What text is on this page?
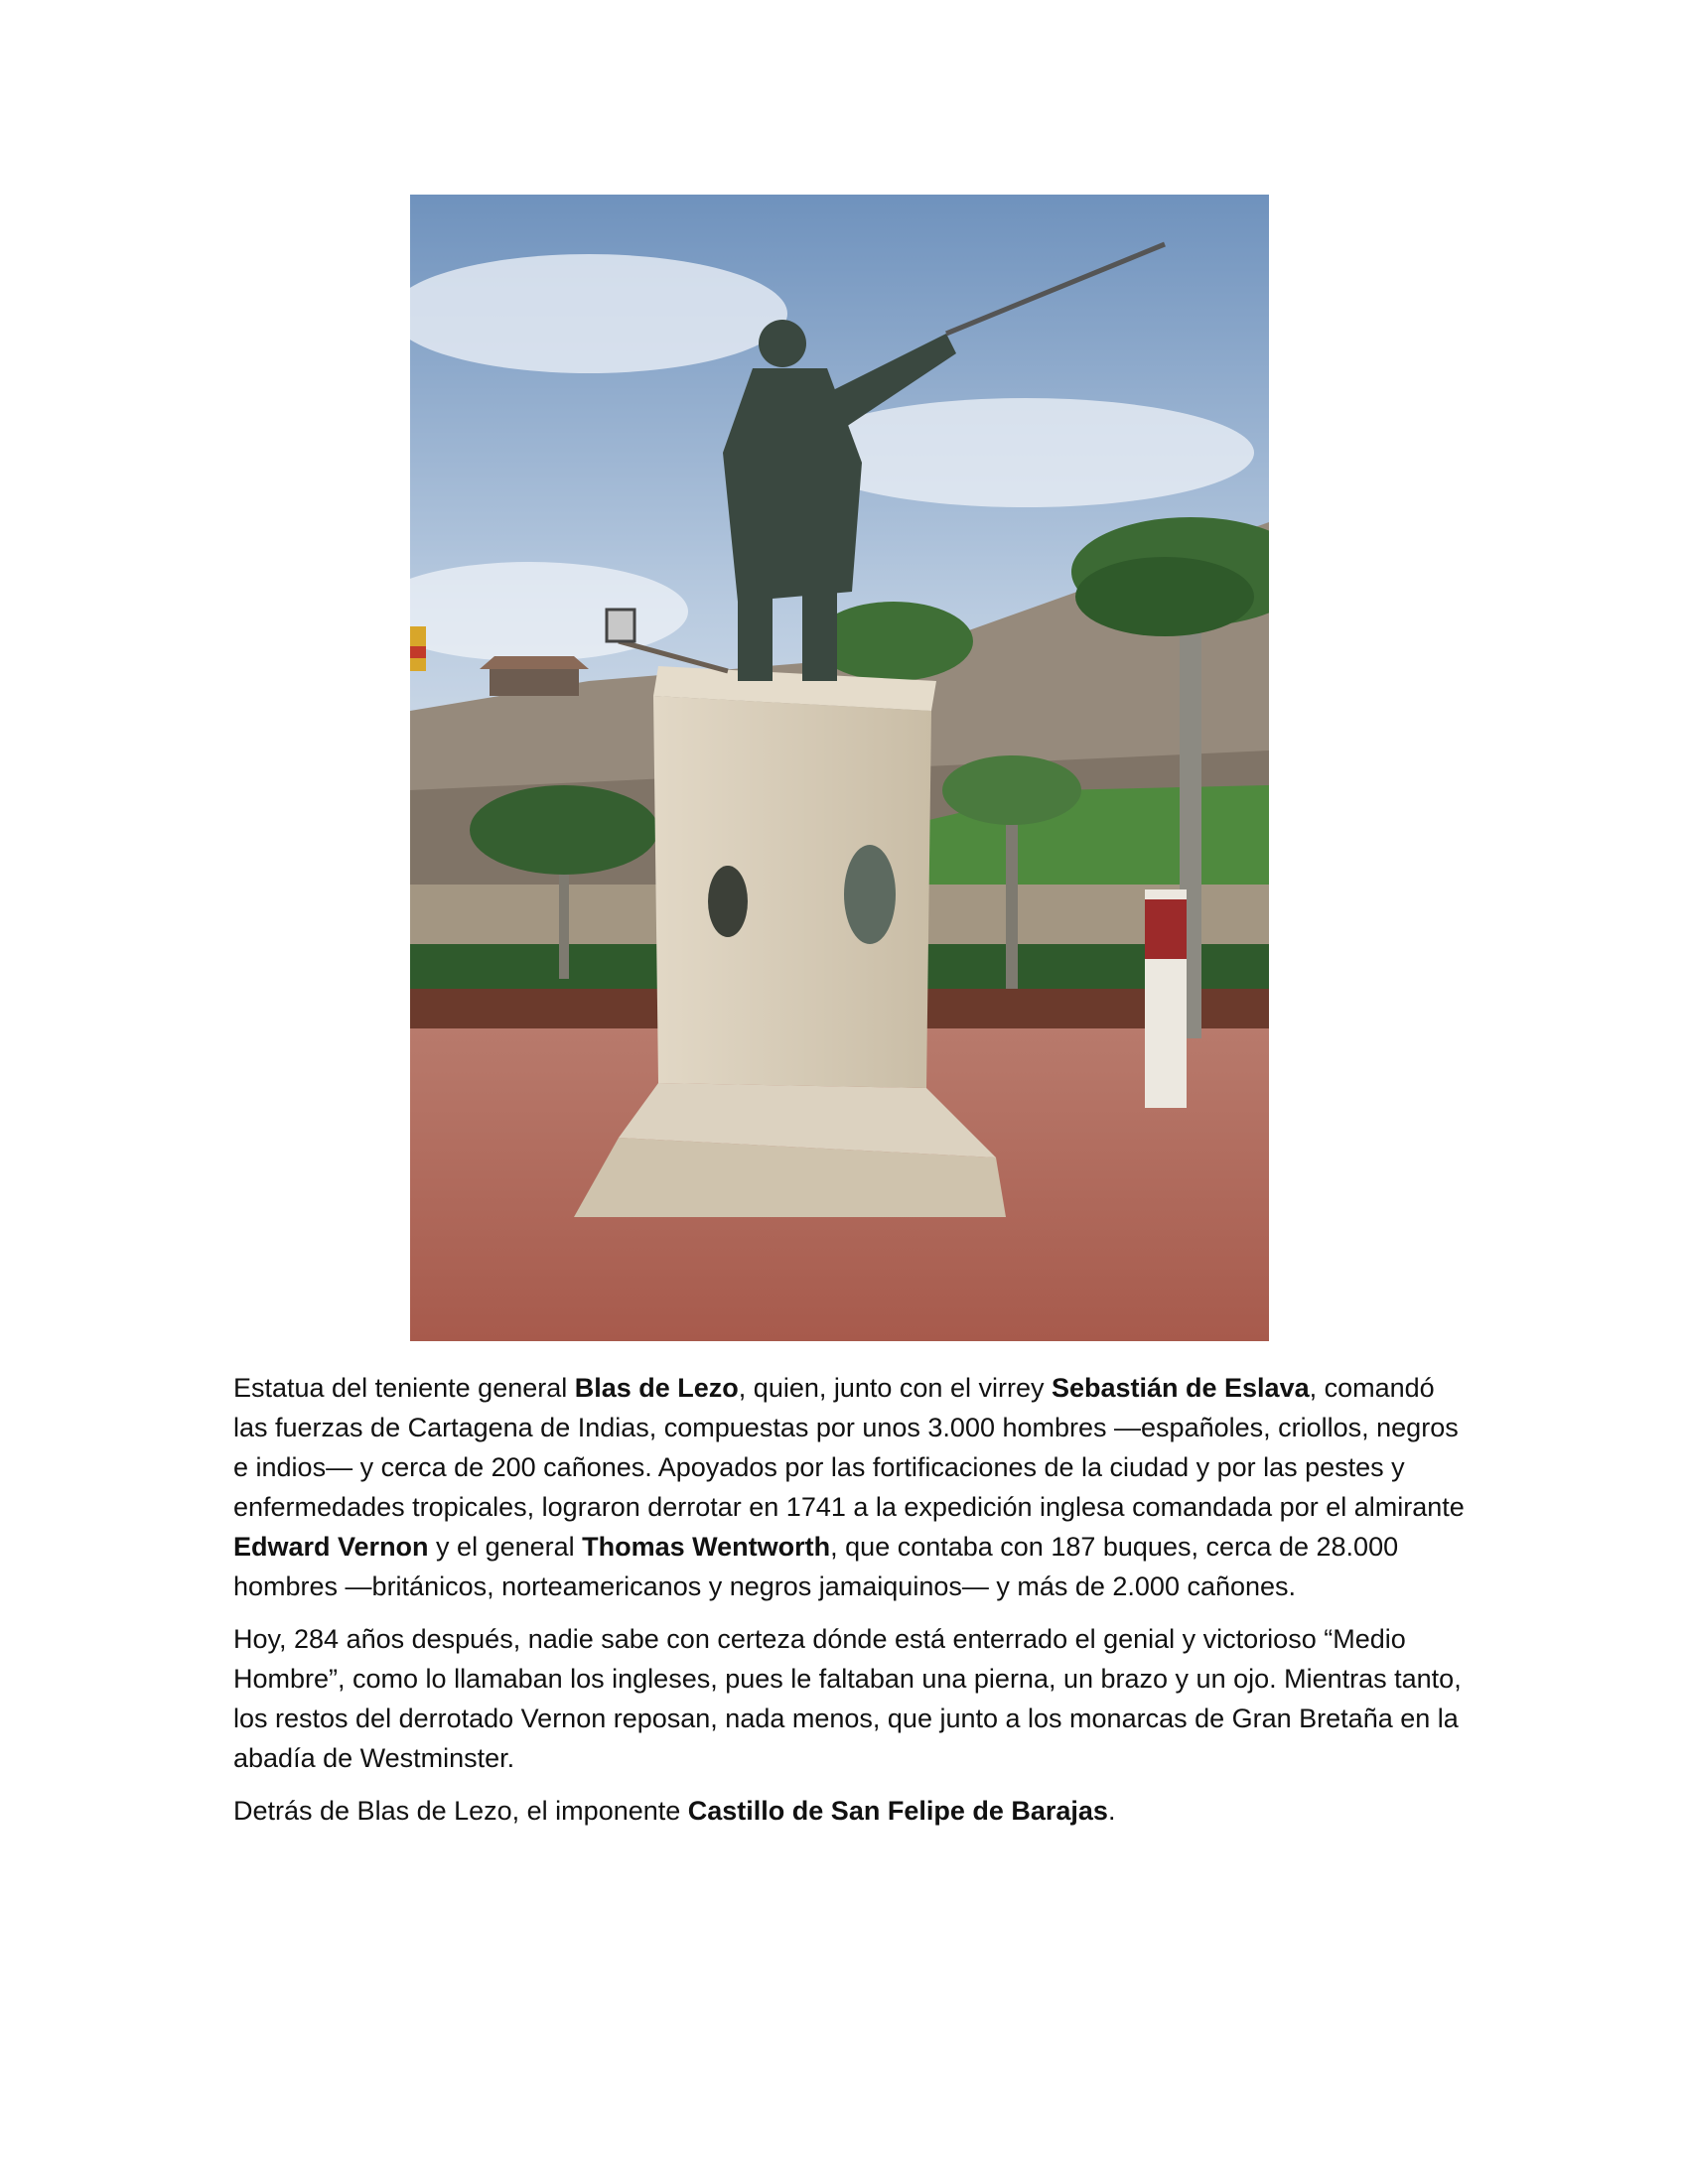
Estatua del teniente general Blas de Lezo, quien, junto con el virrey Sebastián de Eslava, comandó las fuerzas de Cartagena de Indias, compuestas por unos 3.000 hombres —españoles, criollos, negros e indios— y cerca de 200 cañones. Apoyados por las fortificaciones de la ciudad y por las pestes y enfermedades tropicales, lograron derrotar en 1741 a la expedición inglesa comandada por el almirante Edward Vernon y el general Thomas Wentworth, que contaba con 187 buques, cerca de 28.000 hombres —británicos, norteamericanos y negros jamaiquinos— y más de 2.000 cañones.

Hoy, 284 años después, nadie sabe con certeza dónde está enterrado el genial y victorioso “Medio Hombre”, como lo llamaban los ingleses, pues le faltaban una pierna, un brazo y un ojo. Mientras tanto, los restos del derrotado Vernon reposan, nada menos, que junto a los monarcas de Gran Bretaña en la abadía de Westminster.

Detrás de Blas de Lezo, el imponente Castillo de San Felipe de Barajas.
